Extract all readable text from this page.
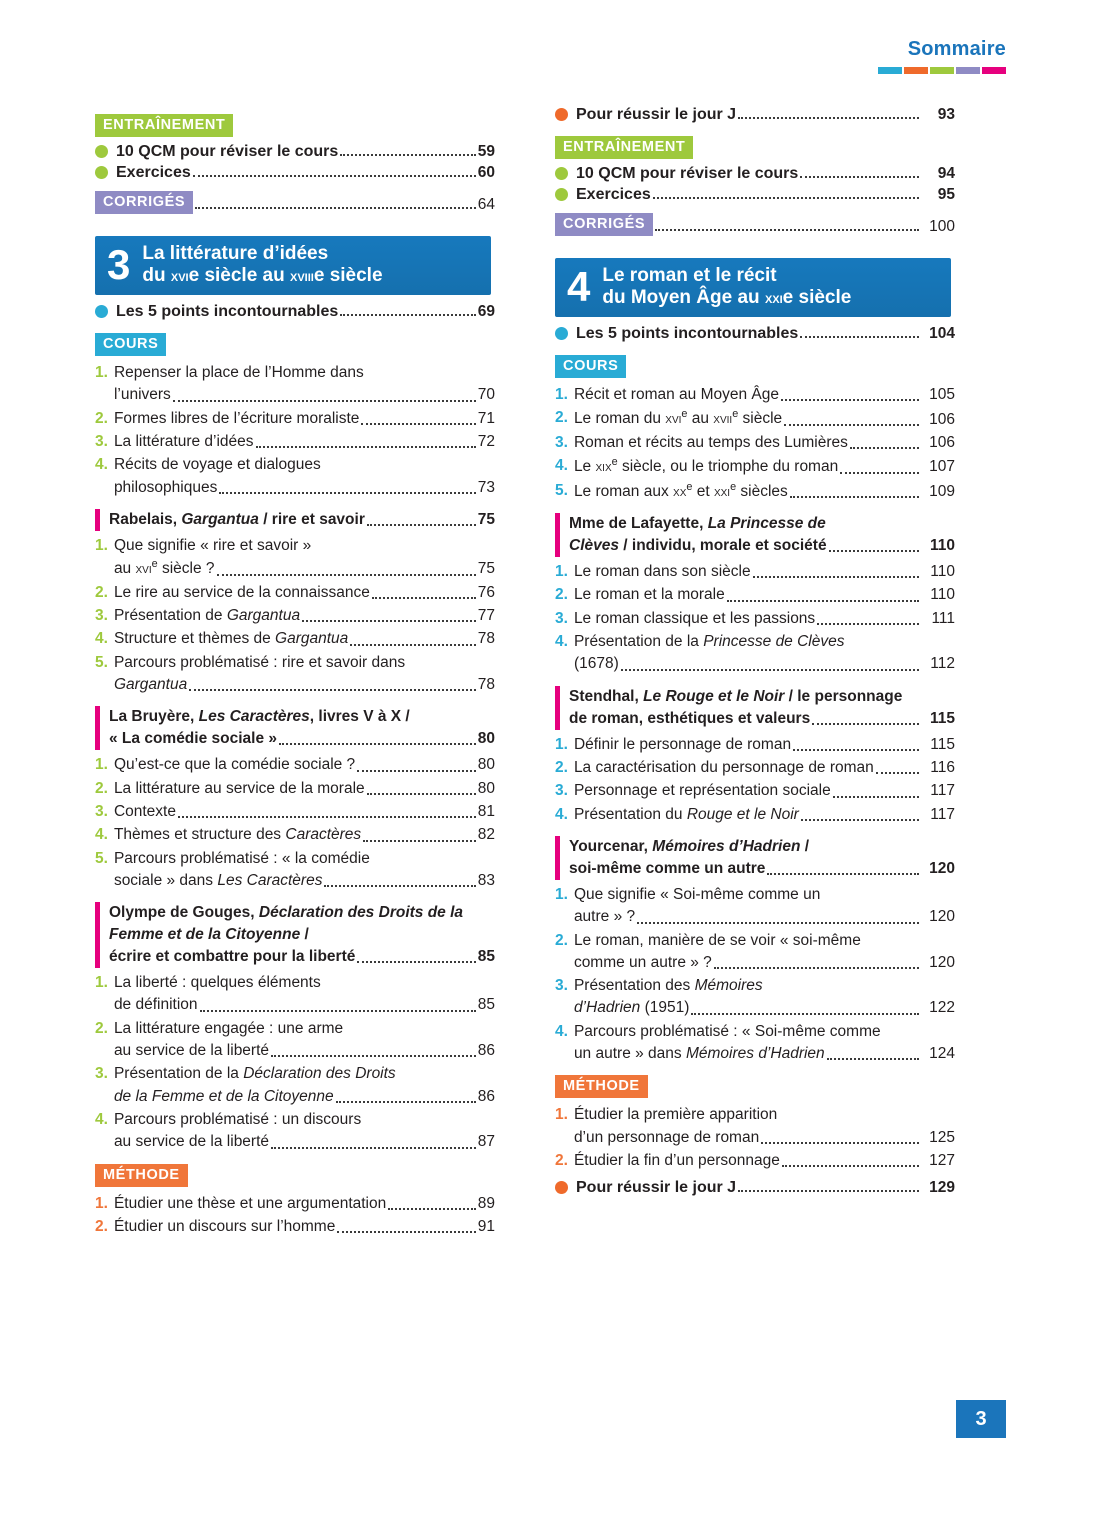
Sommaire
ENTRAÎNEMENT
10 QCM pour réviser le cours	59
Exercices	60
CORRIGÉS	64
3 La littérature d’idées
du xvie siècle au xviiie siècle
Les 5 points incontournables	69
COURS
1. Repenser la place de l’Homme dans
l’univers	70
2. Formes libres de l’écriture moraliste	71
3. La littérature d’idées	72
4. Récits de voyage et dialogues
philosophiques	73
Rabelais, Gargantua / rire et savoir	75
1. Que signifie « rire et savoir »
au xvi$^e$ siècle ?	75
2. Le rire au service de la connaissance	76
3. Présentation de Gargantua	77
4. Structure et thèmes de Gargantua	78
5. Parcours problématisé : rire et savoir dans
Gargantua	78
La Bruyère, Les Caractères, livres V à X /
« La comédie sociale »	80
1. Qu’est-ce que la comédie sociale ?	80
2. La littérature au service de la morale	80
3. Contexte	81
4. Thèmes et structure des Caractères	82
5. Parcours problématisé : « la comédie
sociale » dans Les Caractères	83
Olympe de Gouges, Déclaration des Droits de la Femme et de la Citoyenne /
écrire et combattre pour la liberté	85
1. La liberté : quelques éléments
de définition	85
2. La littérature engagée : une arme
au service de la liberté	86
3. Présentation de la Déclaration des Droits
de la Femme et de la Citoyenne	86
4. Parcours problématisé : un discours
au service de la liberté	87
MÉTHODE
1. Étudier une thèse et une argumentation	89
2. Étudier un discours sur l’homme	91
Pour réussir le jour J	93
ENTRAÎNEMENT
10 QCM pour réviser le cours	94
Exercices	95
CORRIGÉS	100
4 Le roman et le récit
du Moyen Âge au xxie siècle
Les 5 points incontournables	104
COURS
1. Récit et roman au Moyen Âge	105
2. Le roman du xvi$^e$ au xvii$^e$ siècle	106
3. Roman et récits au temps des Lumières	106
4. Le xix$^e$ siècle, ou le triomphe du roman	107
5. Le roman aux $xx^e$ et xxi$^e$ siècles	109
Mme de Lafayette, La Princesse de
Clèves / individu, morale et société	110
1. Le roman dans son siècle	110
2. Le roman et la morale	110
3. Le roman classique et les passions	111
4. Présentation de la Princesse de Clèves
(1678)	112
Stendhal, Le Rouge et le Noir / le personnage
de roman, esthétiques et valeurs	115
1. Définir le personnage de roman	115
2. La caractérisation du personnage de roman	116
3. Personnage et représentation sociale	117
4. Présentation du Rouge et le Noir	117
Yourcenar, Mémoires d’Hadrien /
soi-même comme un autre	120
1. Que signifie « Soi-même comme un
autre » ?	120
2. Le roman, manière de se voir « soi-même
comme un autre » ?	120
3. Présentation des Mémoires
d’Hadrien (1951)	122
4. Parcours problématisé : « Soi-même comme
un autre » dans Mémoires d’Hadrien	124
MÉTHODE
1. Étudier la première apparition
d’un personnage de roman	125
2. Étudier la fin d’un personnage	127
Pour réussir le jour J	129
3
